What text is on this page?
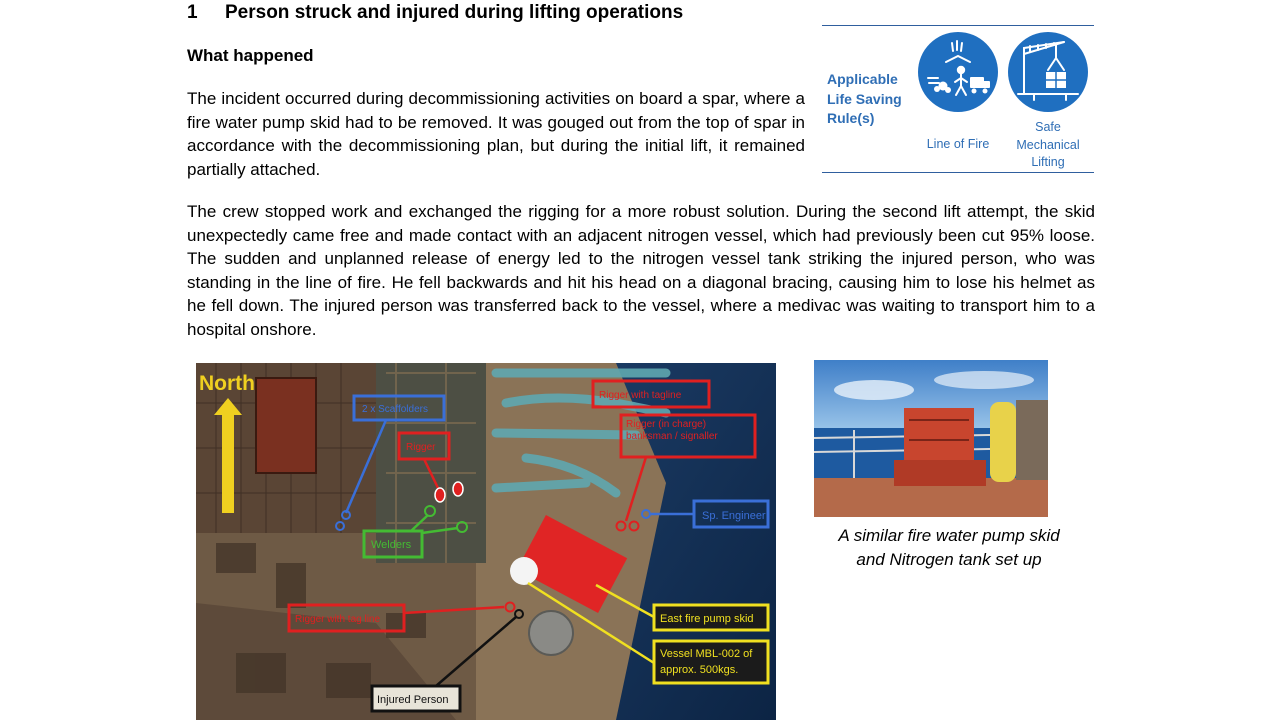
1 Person struck and injured during lifting operations
What happened
The incident occurred during decommissioning activities on board a spar, where a fire water pump skid had to be removed. It was gouged out from the top of spar in accordance with the decommissioning plan, but during the initial lift, it remained partially attached.
The crew stopped work and exchanged the rigging for a more robust solution. During the second lift attempt, the skid unexpectedly came free and made contact with an adjacent nitrogen vessel, which had previously been cut 95% loose. The sudden and unplanned release of energy led to the nitrogen vessel tank striking the injured person, who was standing in the line of fire. He fell backwards and hit his head on a diagonal bracing, causing him to lose his helmet as he fell down. The injured person was transferred back to the vessel, where a medivac was waiting to transport him to a hospital onshore.
Applicable
Life Saving
Rule(s)
Line of Fire
Safe
Mechanical
Lifting
North
2 x Scaffolders
Rigger
Rigger with tagline
Rigger (in charge) banksman / signaller
Sp. Engineer
Welders
Rigger with tag line	East fire pump skid
Vessel MBL-002 of
approx. 500kgs.
Injured Person
A similar fire water pump skid
and Nitrogen tank set up
